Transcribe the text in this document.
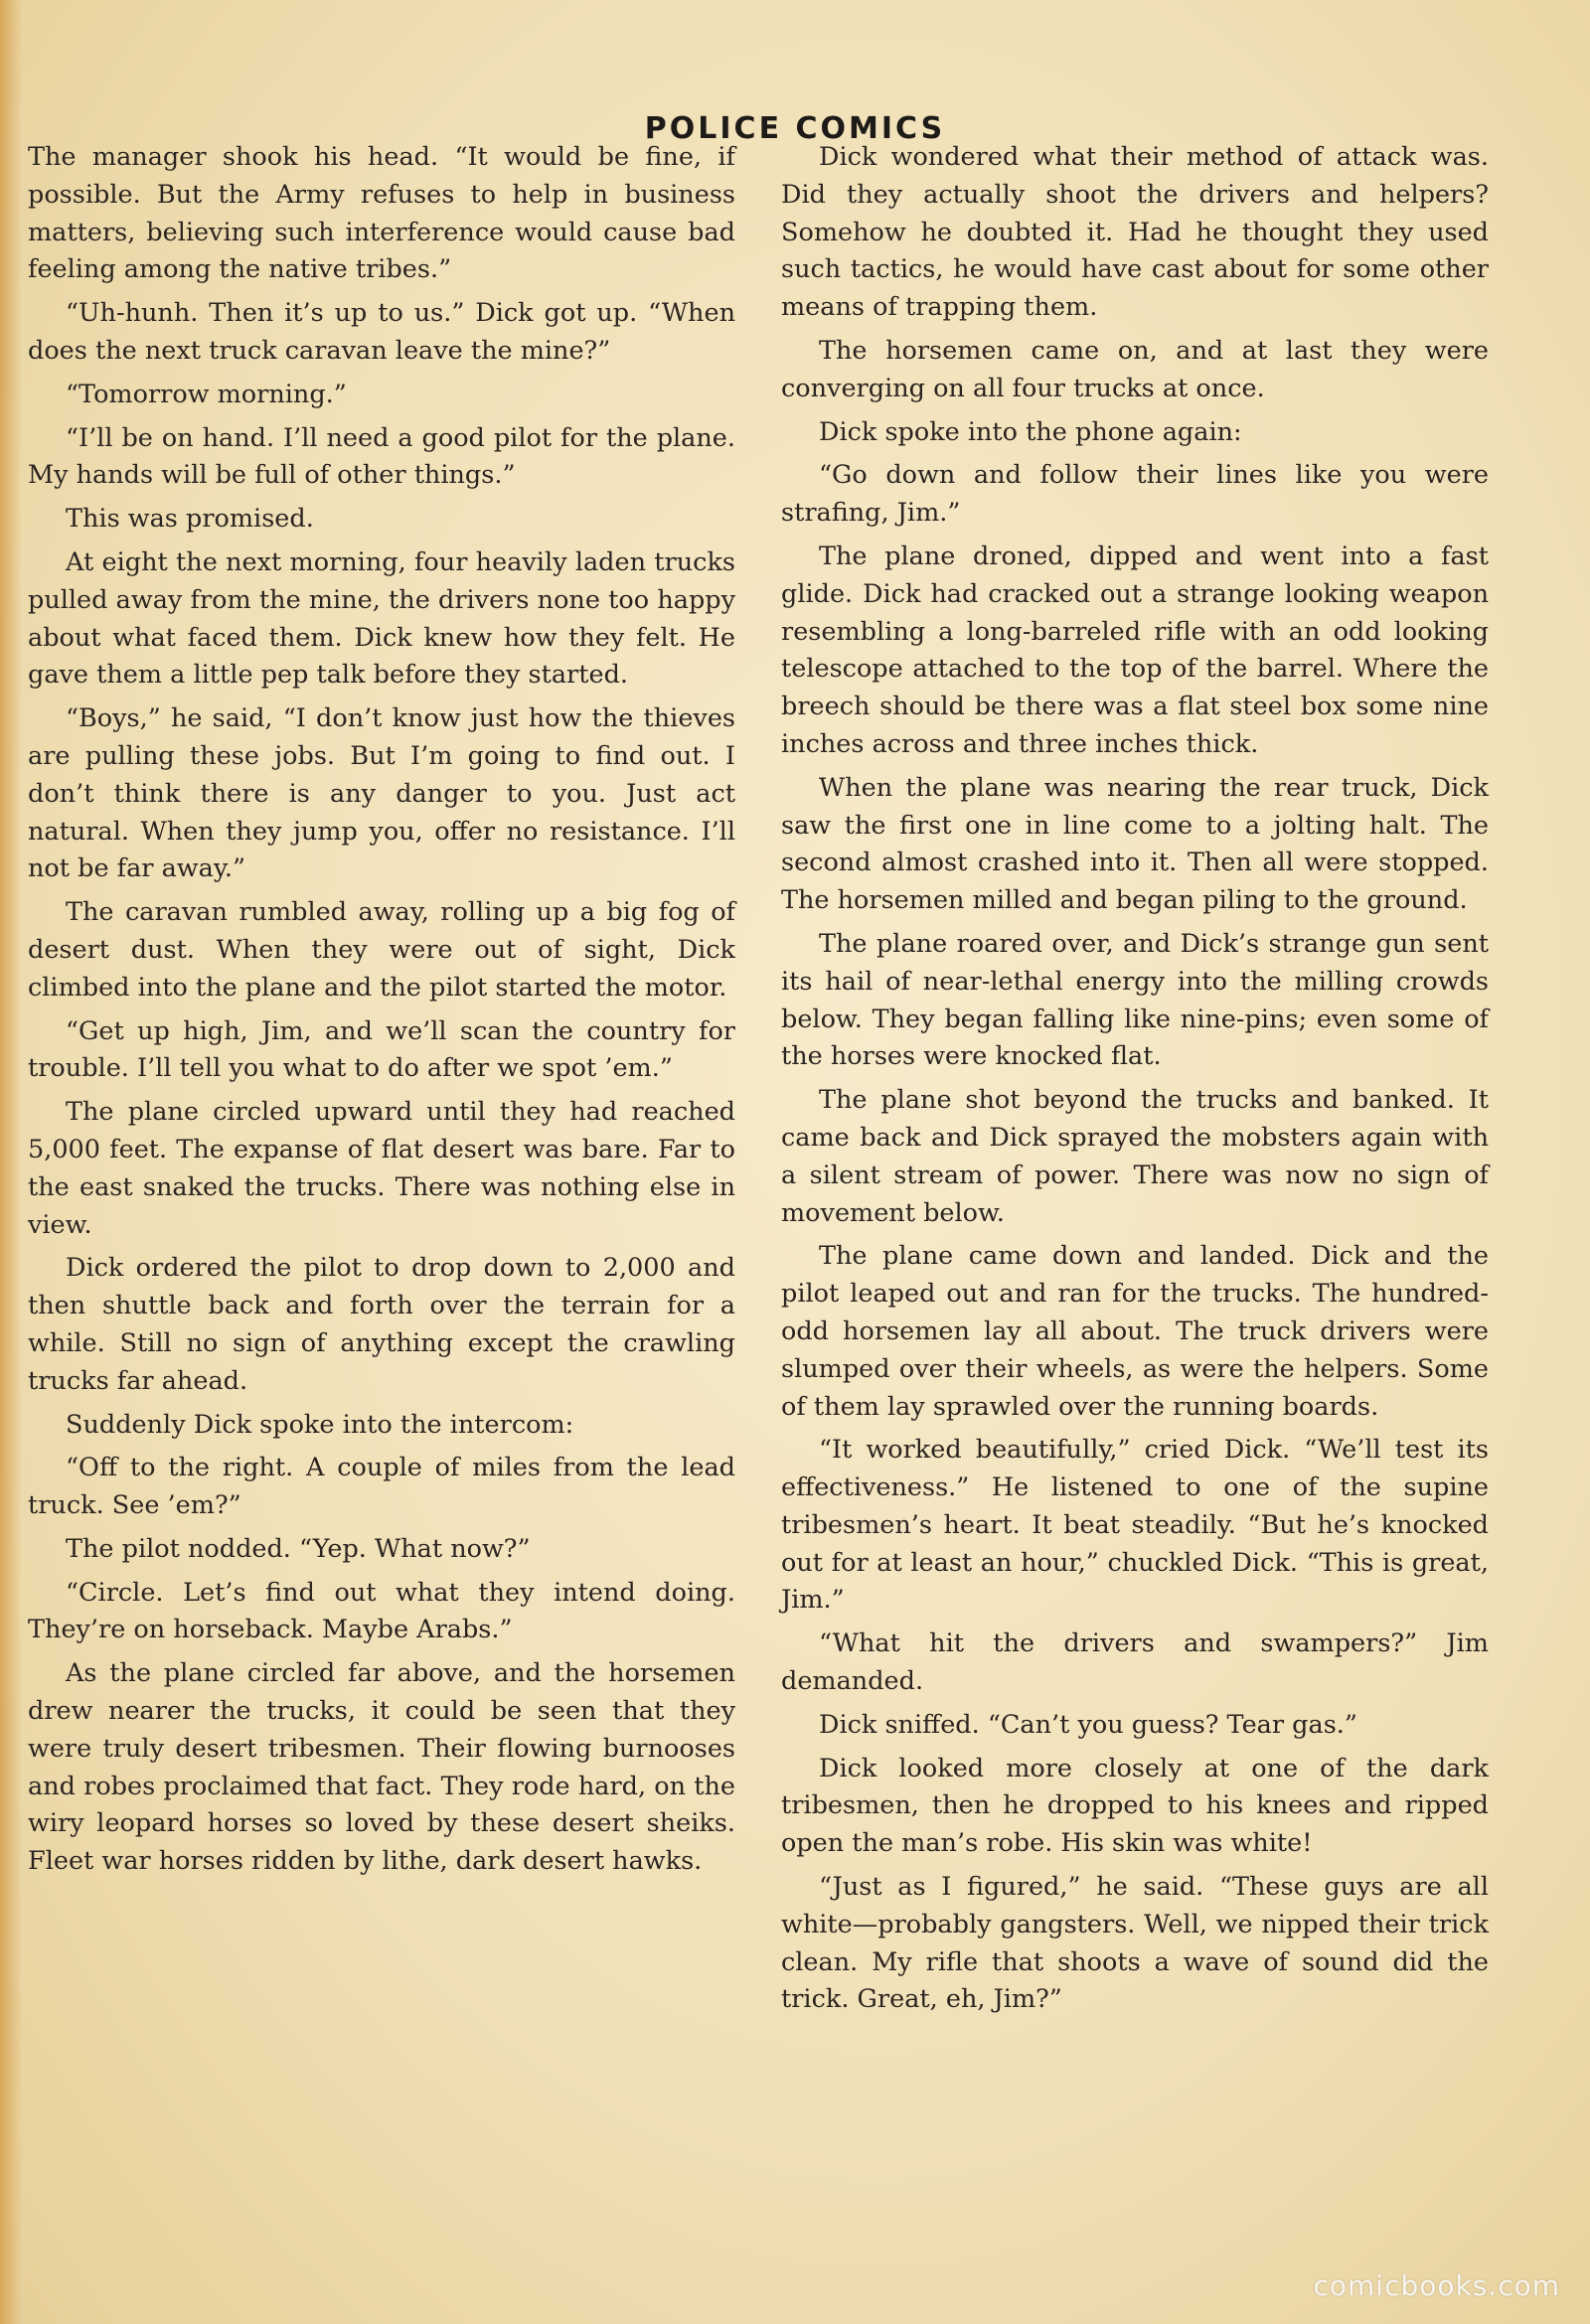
POLICE COMICS

The manager shook his head. “It would be fine, if possible. But the Army refuses to help in business matters, believing such interference would cause bad feeling among the native tribes.”

“Uh-hunh. Then it’s up to us.” Dick got up. “When does the next truck caravan leave the mine?”

“Tomorrow morning.”

“I’ll be on hand. I’ll need a good pilot for the plane. My hands will be full of other things.”

This was promised.

At eight the next morning, four heavily laden trucks pulled away from the mine, the drivers none too happy about what faced them. Dick knew how they felt. He gave them a little pep talk before they started.

“Boys,” he said, “I don’t know just how the thieves are pulling these jobs. But I’m going to find out. I don’t think there is any danger to you. Just act natural. When they jump you, offer no resistance. I’ll not be far away.”

The caravan rumbled away, rolling up a big fog of desert dust. When they were out of sight, Dick climbed into the plane and the pilot started the motor.

“Get up high, Jim, and we’ll scan the country for trouble. I’ll tell you what to do after we spot ’em.”

The plane circled upward until they had reached 5,000 feet. The expanse of flat desert was bare. Far to the east snaked the trucks. There was nothing else in view.

Dick ordered the pilot to drop down to 2,000 and then shuttle back and forth over the terrain for a while. Still no sign of anything except the crawling trucks far ahead.

Suddenly Dick spoke into the intercom:

“Off to the right. A couple of miles from the lead truck. See ’em?”

The pilot nodded. “Yep. What now?”

“Circle. Let’s find out what they intend doing. They’re on horseback. Maybe Arabs.”

As the plane circled far above, and the horsemen drew nearer the trucks, it could be seen that they were truly desert tribesmen. Their flowing burnooses and robes proclaimed that fact. They rode hard, on the wiry leopard horses so loved by these desert sheiks. Fleet war horses ridden by lithe, dark desert hawks.

Dick wondered what their method of attack was. Did they actually shoot the drivers and helpers? Somehow he doubted it. Had he thought they used such tactics, he would have cast about for some other means of trapping them.

The horsemen came on, and at last they were converging on all four trucks at once.

Dick spoke into the phone again:

“Go down and follow their lines like you were strafing, Jim.”

The plane droned, dipped and went into a fast glide. Dick had cracked out a strange looking weapon resembling a long-barreled rifle with an odd looking telescope attached to the top of the barrel. Where the breech should be there was a flat steel box some nine inches across and three inches thick.

When the plane was nearing the rear truck, Dick saw the first one in line come to a jolting halt. The second almost crashed into it. Then all were stopped. The horsemen milled and began piling to the ground.

The plane roared over, and Dick’s strange gun sent its hail of near-lethal energy into the milling crowds below. They began falling like nine-pins; even some of the horses were knocked flat.

The plane shot beyond the trucks and banked. It came back and Dick sprayed the mobsters again with a silent stream of power. There was now no sign of movement below.

The plane came down and landed. Dick and the pilot leaped out and ran for the trucks. The hundred-odd horsemen lay all about. The truck drivers were slumped over their wheels, as were the helpers. Some of them lay sprawled over the running boards.

“It worked beautifully,” cried Dick. “We’ll test its effectiveness.” He listened to one of the supine tribesmen’s heart. It beat steadily. “But he’s knocked out for at least an hour,” chuckled Dick. “This is great, Jim.”

“What hit the drivers and swampers?” Jim demanded.

Dick sniffed. “Can’t you guess? Tear gas.”

Dick looked more closely at one of the dark tribesmen, then he dropped to his knees and ripped open the man’s robe. His skin was white!

“Just as I figured,” he said. “These guys are all white—probably gangsters. Well, we nipped their trick clean. My rifle that shoots a wave of sound did the trick. Great, eh, Jim?”

comicbooks.com
